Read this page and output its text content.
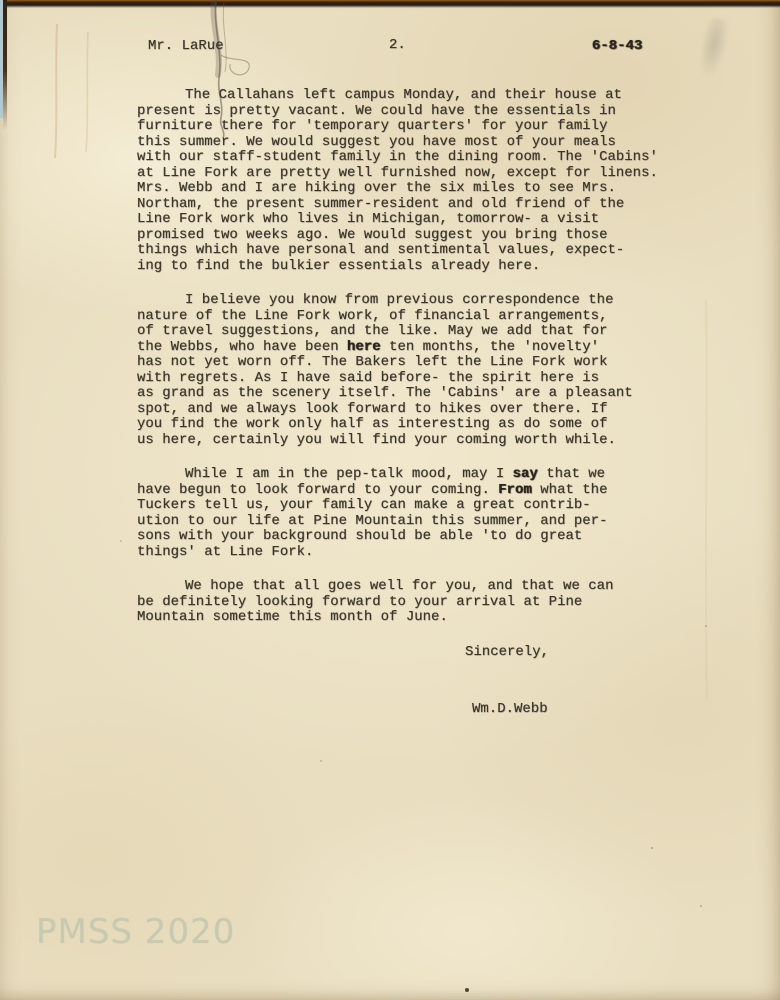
Mr. LaRue	2.	6-8-43
The Callahans left campus Monday, and their house at
present is pretty vacant. We could have the essentials in
furniture there for 'temporary quarters' for your family
this summer. We would suggest you have most of your meals
with our staff-student family in the dining room. The 'Cabins'
at Line Fork are pretty well furnished now, except for linens.
Mrs. Webb and I are hiking over the six miles to see Mrs.
Northam, the present summer-resident and old friend of the
Line Fork work who lives in Michigan, tomorrow- a visit
promised two weeks ago. We would suggest you bring those
things which have personal and sentimental values, expect-
ing to find the bulkier essentials already here.
I believe you know from previous correspondence the
nature of the Line Fork work, of financial arrangements,
of travel suggestions, and the like. May we add that for
the Webbs, who have been here ten months, the 'novelty'
has not yet worn off. The Bakers left the Line Fork work
with regrets. As I have said before- the spirit here is
as grand as the scenery itself. The 'Cabins' are a pleasant
spot, and we always look forward to hikes over there. If
you find the work only half as interesting as do some of
us here, certainly you will find your coming worth while.
While I am in the pep-talk mood, may I say that we
have begun to look forward to your coming. From what the
Tuckers tell us, your family can make a great contrib-
ution to our life at Pine Mountain this summer, and per-
sons with your background should be able 'to do great
things' at Line Fork.
We hope that all goes well for you, and that we can
be definitely looking forward to your arrival at Pine
Mountain sometime this month of June.
Sincerely,
Wm.D.Webb
PMSS 2020
